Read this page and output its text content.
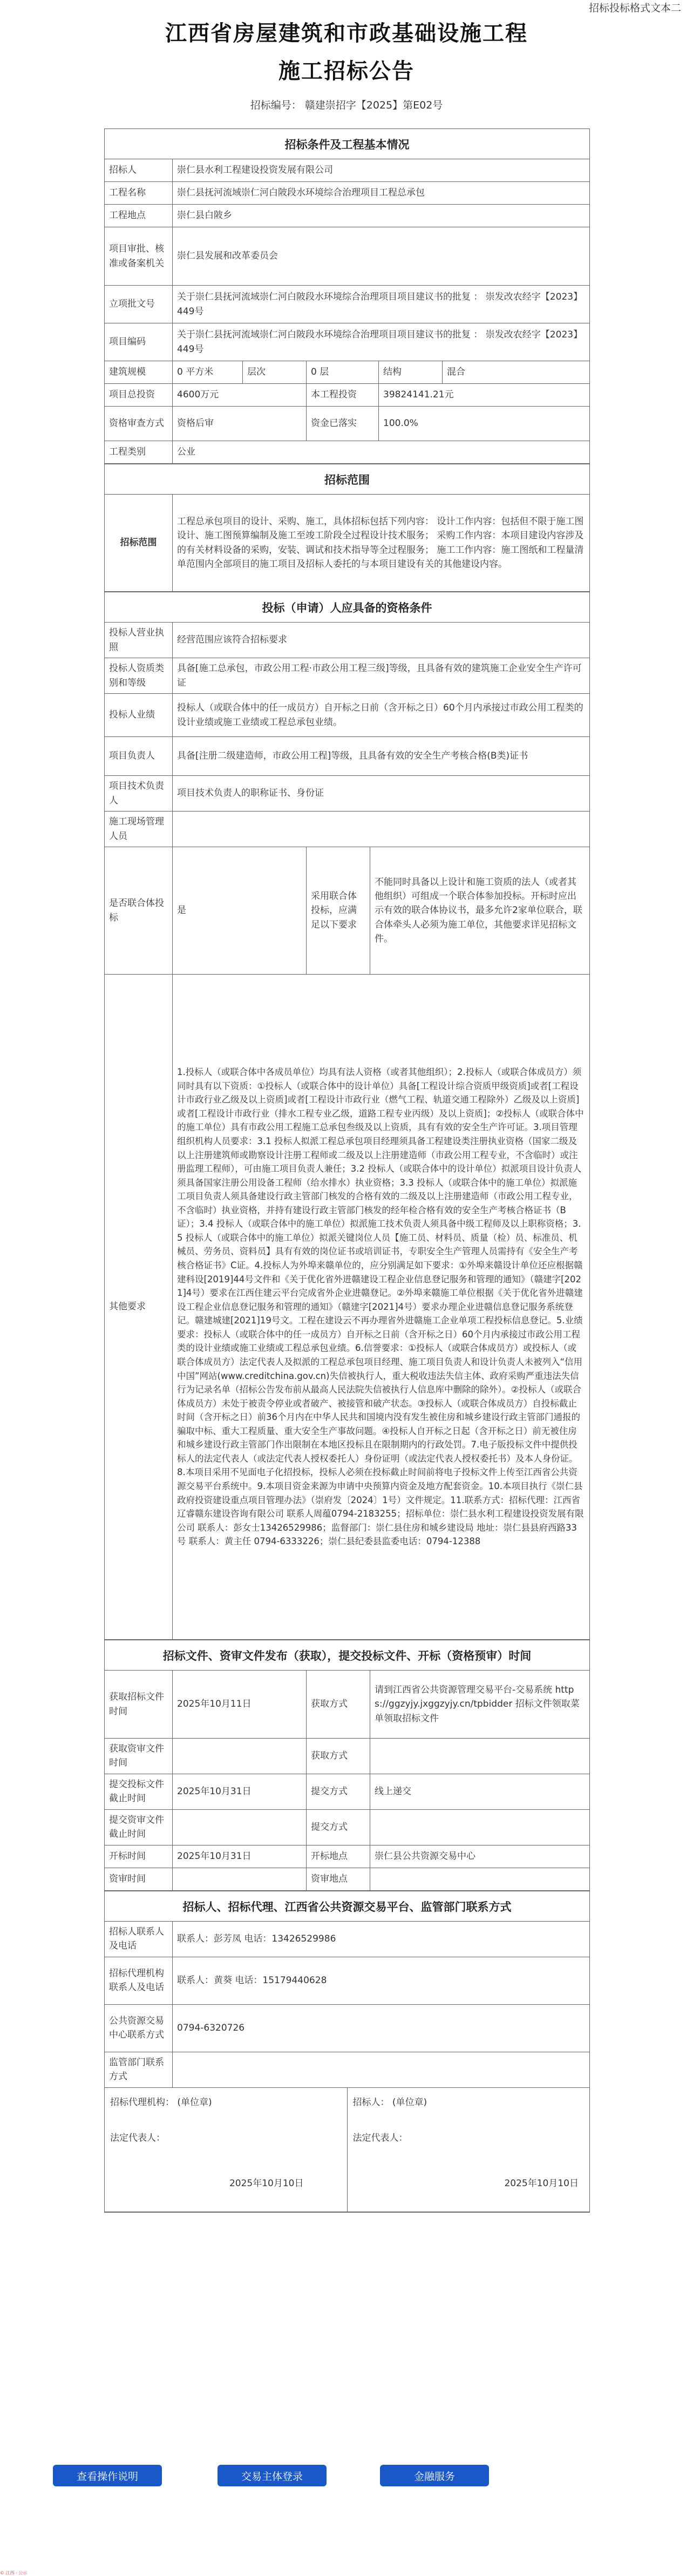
招标投标格式文本二
江西省房屋建筑和市政基础设施工程
施工招标公告
招标编号： 赣建崇招字【2025】第E02号
招标条件及工程基本情况
招标人	崇仁县水利工程建设投资发展有限公司				
工程名称	崇仁县抚河流域崇仁河白陂段水环境综合治理项目工程总承包				
工程地点	崇仁县白陂乡				
项目审批、核准或备案机关	崇仁县发展和改革委员会				
立项批文号	关于崇仁县抚河流域崇仁河白陂段水环境综合治理项目项目建议书的批复 ： 崇发改农经字【2023】449号				
项目编码	关于崇仁县抚河流域崇仁河白陂段水环境综合治理项目项目建议书的批复 ： 崇发改农经字【2023】449号				
建筑规模	0 平方米	层次	0 层	结构	混合
项目总投资	4600万元		本工程投资	39824141.21元	
资格审查方式	资格后审		资金已落实	100.0%	
工程类别	公业				
招标范围
招标范围	工程总承包项目的设计、采购、施工，具体招标包括下列内容： 设计工作内容：包括但不限于施工图设计、施工图预算编制及施工至竣工阶段全过程设计技术服务； 采购工作内容：本项目建设内容涉及的有关材料设备的采购，安装、调试和技术指导等全过程服务； 施工工作内容：施工图纸和工程量清单范围内全部项目的施工项目及招标人委托的与本项目建设有关的其他建设内容。
投标（申请）人应具备的资格条件
投标人营业执照	经营范围应该符合招标要求		
投标人资质类别和等级	具备[施工总承包，市政公用工程·市政公用工程三级]等级，且具备有效的建筑施工企业安全生产许可证		
投标人业绩	投标人（或联合体中的任一成员方）自开标之日前（含开标之日）60个月内承接过市政公用工程类的设计业绩或施工业绩或工程总承包业绩。		
项目负责人	具备[注册二级建造师，市政公用工程]等级，且具备有效的安全生产考核合格(B类)证书		
项目技术负责人	项目技术负责人的职称证书、身份证		
施工现场管理人员			
是否联合体投标	是	采用联合体投标，应满足以下要求	不能同时具备以上设计和施工资质的法人（或者其他组织）可组成一个联合体参加投标。开标时应出示有效的联合体协议书，最多允许2家单位联合，联合体牵头人必须为施工单位，其他要求详见招标文件。
其他要求	1.投标人（或联合体中各成员单位）均具有法人资格（或者其他组织）；2.投标人（或联合体成员方）须同时具有以下资质：①投标人（或联合体中的设计单位）具备[工程设计综合资质甲级资质]或者[工程设计市政行业乙级及以上资质]或者[工程设计市政行业（燃气工程、轨道交通工程除外）乙级及以上资质]或者[工程设计市政行业（排水工程专业乙级，道路工程专业丙级）及以上资质]；②投标人（或联合体中的施工单位）具有市政公用工程施工总承包叁级及以上资质，具有有效的安全生产许可证。3.项目管理组织机构人员要求：3.1 投标人拟派工程总承包项目经理须具备工程建设类注册执业资格（国家二级及以上注册建筑师或勘察设计注册工程师或二级及以上注册建造师（市政公用工程专业，不含临时）或注册监理工程师），可由施工项目负责人兼任；3.2 投标人（或联合体中的设计单位）拟派项目设计负责人须具备国家注册公用设备工程师（给水排水）执业资格；3.3 投标人（或联合体中的施工单位）拟派施工项目负责人须具备建设行政主管部门核发的合格有效的二级及以上注册建造师（市政公用工程专业，不含临时）执业资格，并持有建设行政主管部门核发的经年检合格有效的安全生产考核合格证书（B证）；3.4 投标人（或联合体中的施工单位）拟派施工技术负责人须具备中级工程师及以上职称资格；3.5 投标人（或联合体中的施工单位）拟派关键岗位人员【施工员、材料员、质量（检）员、标准员、机械员、劳务员、资料员】具有有效的岗位证书或培训证书，专职安全生产管理人员需持有《安全生产考核合格证书》C证。4.投标人为外埠来赣单位的，应分别满足如下要求：①外埠来赣设计单位还应根据赣建科设[2019]44号文件和《关于优化省外进赣建设工程企业信息登记服务和管理的通知》（赣建字[2021]4号）要求在江西住建云平台完成省外企业进赣登记。②外埠来赣施工单位根据《关于优化省外进赣建设工程企业信息登记服务和管理的通知》（赣建字[2021]4号）要求办理企业进赣信息登记服务系统登记。赣建城建[2021]19号文。工程在建设云不再办理省外进赣施工企业单项工程投标信息登记。5.业绩要求：投标人（或联合体中的任一成员方）自开标之日前（含开标之日）60个月内承接过市政公用工程类的设计业绩或施工业绩或工程总承包业绩。6.信誉要求：①投标人（或联合体成员方）或投标人（或联合体成员方）法定代表人及拟派的工程总承包项目经理、施工项目负责人和设计负责人未被列入“信用中国”网站(www.creditchina.gov.cn)失信被执行人，重大税收违法失信主体、政府采购严重违法失信行为记录名单（招标公告发布前从最高人民法院失信被执行人信息库中删除的除外）。②投标人（或联合体成员方）未处于被责令停业或者破产、被接管和破产状态。③投标人（或联合体成员方）自投标截止时间（含开标之日）前36个月内在中华人民共和国境内没有发生被住房和城乡建设行政主管部门通报的骗取中标、重大工程质量、重大安全生产事故问题。④投标人自开标之日起（含开标之日）前无被住房和城乡建设行政主管部门作出限制在本地区投标且在限制期内的行政处罚。7.电子版投标文件中提供投标人的法定代表人（或法定代表人授权委托人）身份证明（或法定代表人授权委托书）及本人身份证。8.本项目采用不见面电子化招投标，投标人必须在投标截止时间前将电子投标文件上传至江西省公共资源交易平台系统中。9.本项目资金来源为申请中央预算内资金及地方配套资金。10.本项目执行《崇仁县政府投资建设重点项目管理办法》（崇府发〔2024〕1号）文件规定。11.联系方式：招标代理：江西省辽睿赣东建设咨询有限公司 联系人周蕴0794-2183255；招标单位：崇仁县水利工程建设投资发展有限公司 联系人：彭女士13426529986；监督部门：崇仁县住房和城乡建设局 地址：崇仁县县府西路33号 联系人：黄主任 0794-6333226；崇仁县纪委县监委电话：0794-12388		
招标文件、资审文件发布（获取），提交投标文件、开标（资格预审）时间
获取招标文件时间	2025年10月11日	获取方式	请到江西省公共资源管理交易平台-交易系统 https://ggzyjy.jxggzyjy.cn/tpbidder 招标文件领取菜单领取招标文件
获取资审文件时间		获取方式	
提交投标文件截止时间	2025年10月31日	提交方式	线上递交
提交资审文件截止时间		提交方式	
开标时间	2025年10月31日	开标地点	崇仁县公共资源交易中心
资审时间		资审地点	
招标人、招标代理、江西省公共资源交易平台、监管部门联系方式
招标人联系人及电话	联系人：彭芳凤 电话：13426529986
招标代理机构联系人及电话	联系人：黄葵 电话：15179440628
公共资源交易中心联系方式	0794-6320726
监管部门联系方式	
招标代理机构： (单位章)
法定代表人：
2025年10月10日

招标人： (单位章)
法定代表人：
2025年10月10日
查看操作说明	交易主体登录	金融服务
© 江西 · 公示
